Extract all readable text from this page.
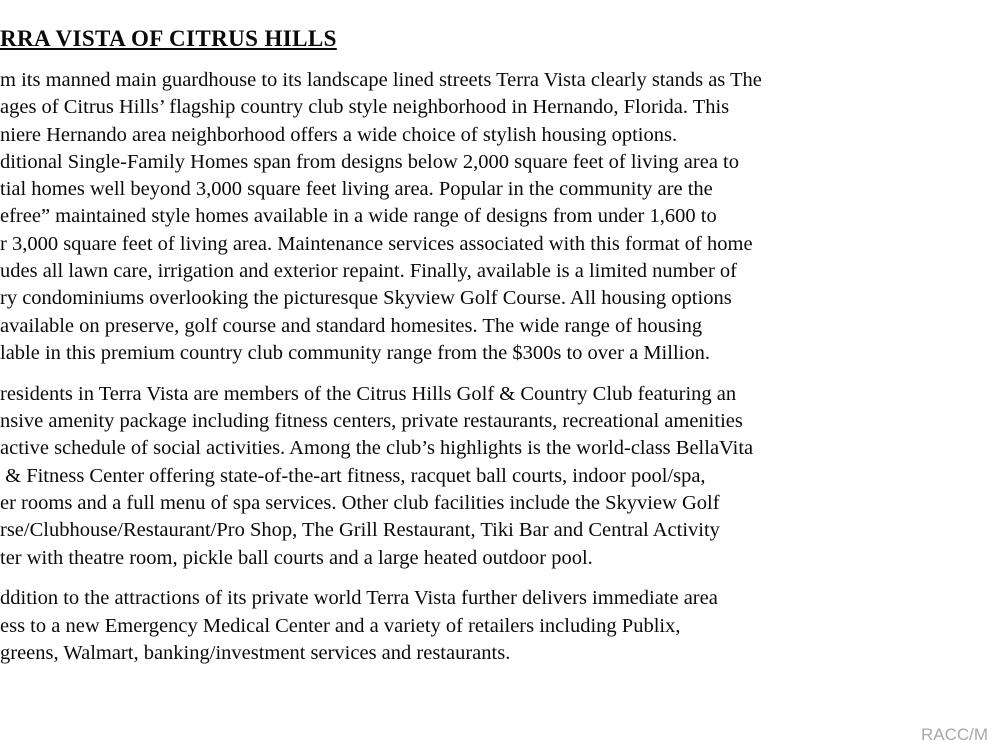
RRA VISTA OF CITRUS HILLS
m its manned main guardhouse to its landscape lined streets Terra Vista clearly stands as The
ages of Citrus Hills’ flagship country club style neighborhood in Hernando, Florida. This
niere Hernando area neighborhood offers a wide choice of stylish housing options.
ditional Single-Family Homes span from designs below 2,000 square feet of living area to
tial homes well beyond 3,000 square feet living area. Popular in the community are the
efree” maintained style homes available in a wide range of designs from under 1,600 to
r 3,000 square feet of living area. Maintenance services associated with this format of home
udes all lawn care, irrigation and exterior repaint. Finally, available is a limited number of
ry condominiums overlooking the picturesque Skyview Golf Course. All housing options
available on preserve, golf course and standard homesites. The wide range of housing
lable in this premium country club community range from the $300s to over a Million.
residents in Terra Vista are members of the Citrus Hills Golf & Country Club featuring an
nsive amenity package including fitness centers, private restaurants, recreational amenities
active schedule of social activities. Among the club’s highlights is the world-class BellaVita
& Fitness Center offering state-of-the-art fitness, racquet ball courts, indoor pool/spa,
er rooms and a full menu of spa services. Other club facilities include the Skyview Golf
rse/Clubhouse/Restaurant/Pro Shop, The Grill Restaurant, Tiki Bar and Central Activity
ter with theatre room, pickle ball courts and a large heated outdoor pool.
ddition to the attractions of its private world Terra Vista further delivers immediate area
ess to a new Emergency Medical Center and a variety of retailers including Publix,
greens, Walmart, banking/investment services and restaurants.
RACC/M
